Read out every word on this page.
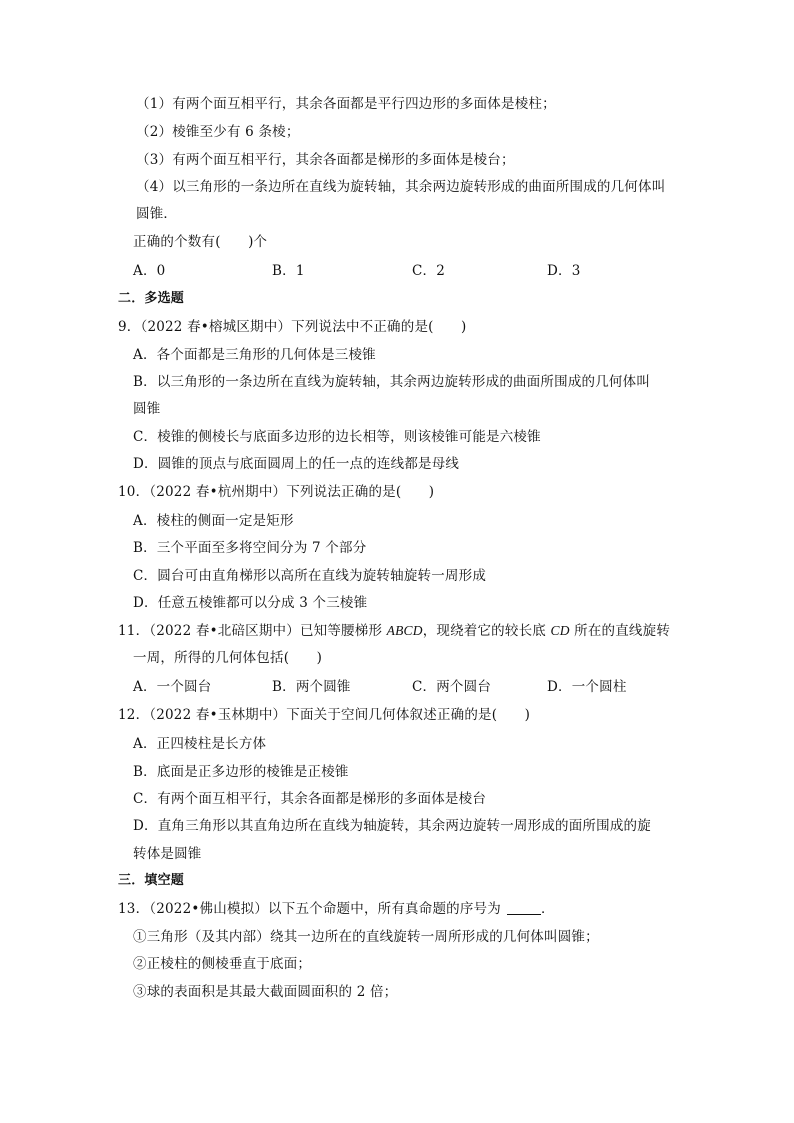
（1）有两个面互相平行，其余各面都是平行四边形的多面体是棱柱；
（2）棱锥至少有 6 条棱；
（3）有两个面互相平行，其余各面都是梯形的多面体是棱台；
（4）以三角形的一条边所在直线为旋转轴，其余两边旋转形成的曲面所围成的几何体叫
圆锥．
正确的个数有(　　)个
A．0	B．1	C．2	D．3
二．多选题
9．（2022 春•榕城区期中）下列说法中不正确的是(　　)
A．各个面都是三角形的几何体是三棱锥
B．以三角形的一条边所在直线为旋转轴，其余两边旋转形成的曲面所围成的几何体叫
圆锥
C．棱锥的侧棱长与底面多边形的边长相等，则该棱锥可能是六棱锥
D．圆锥的顶点与底面圆周上的任一点的连线都是母线
10．（2022 春•杭州期中）下列说法正确的是(　　)
A．棱柱的侧面一定是矩形
B．三个平面至多将空间分为 7 个部分
C．圆台可由直角梯形以高所在直线为旋转轴旋转一周形成
D．任意五棱锥都可以分成 3 个三棱锥
11．（2022 春•北碚区期中）已知等腰梯形 ABCD，现绕着它的较长底 CD 所在的直线旋转
一周，所得的几何体包括(　　)
A．一个圆台	B．两个圆锥	C．两个圆台	D．一个圆柱
12．（2022 春•玉林期中）下面关于空间几何体叙述正确的是(　　)
A．正四棱柱是长方体
B．底面是正多边形的棱锥是正棱锥
C．有两个面互相平行，其余各面都是梯形的多面体是棱台
D．直角三角形以其直角边所在直线为轴旋转，其余两边旋转一周形成的面所围成的旋
转体是圆锥
三．填空题
13．（2022•佛山模拟）以下五个命题中，所有真命题的序号为	．
①三角形（及其内部）绕其一边所在的直线旋转一周所形成的几何体叫圆锥；
②正棱柱的侧棱垂直于底面；
③球的表面积是其最大截面圆面积的 2 倍；
